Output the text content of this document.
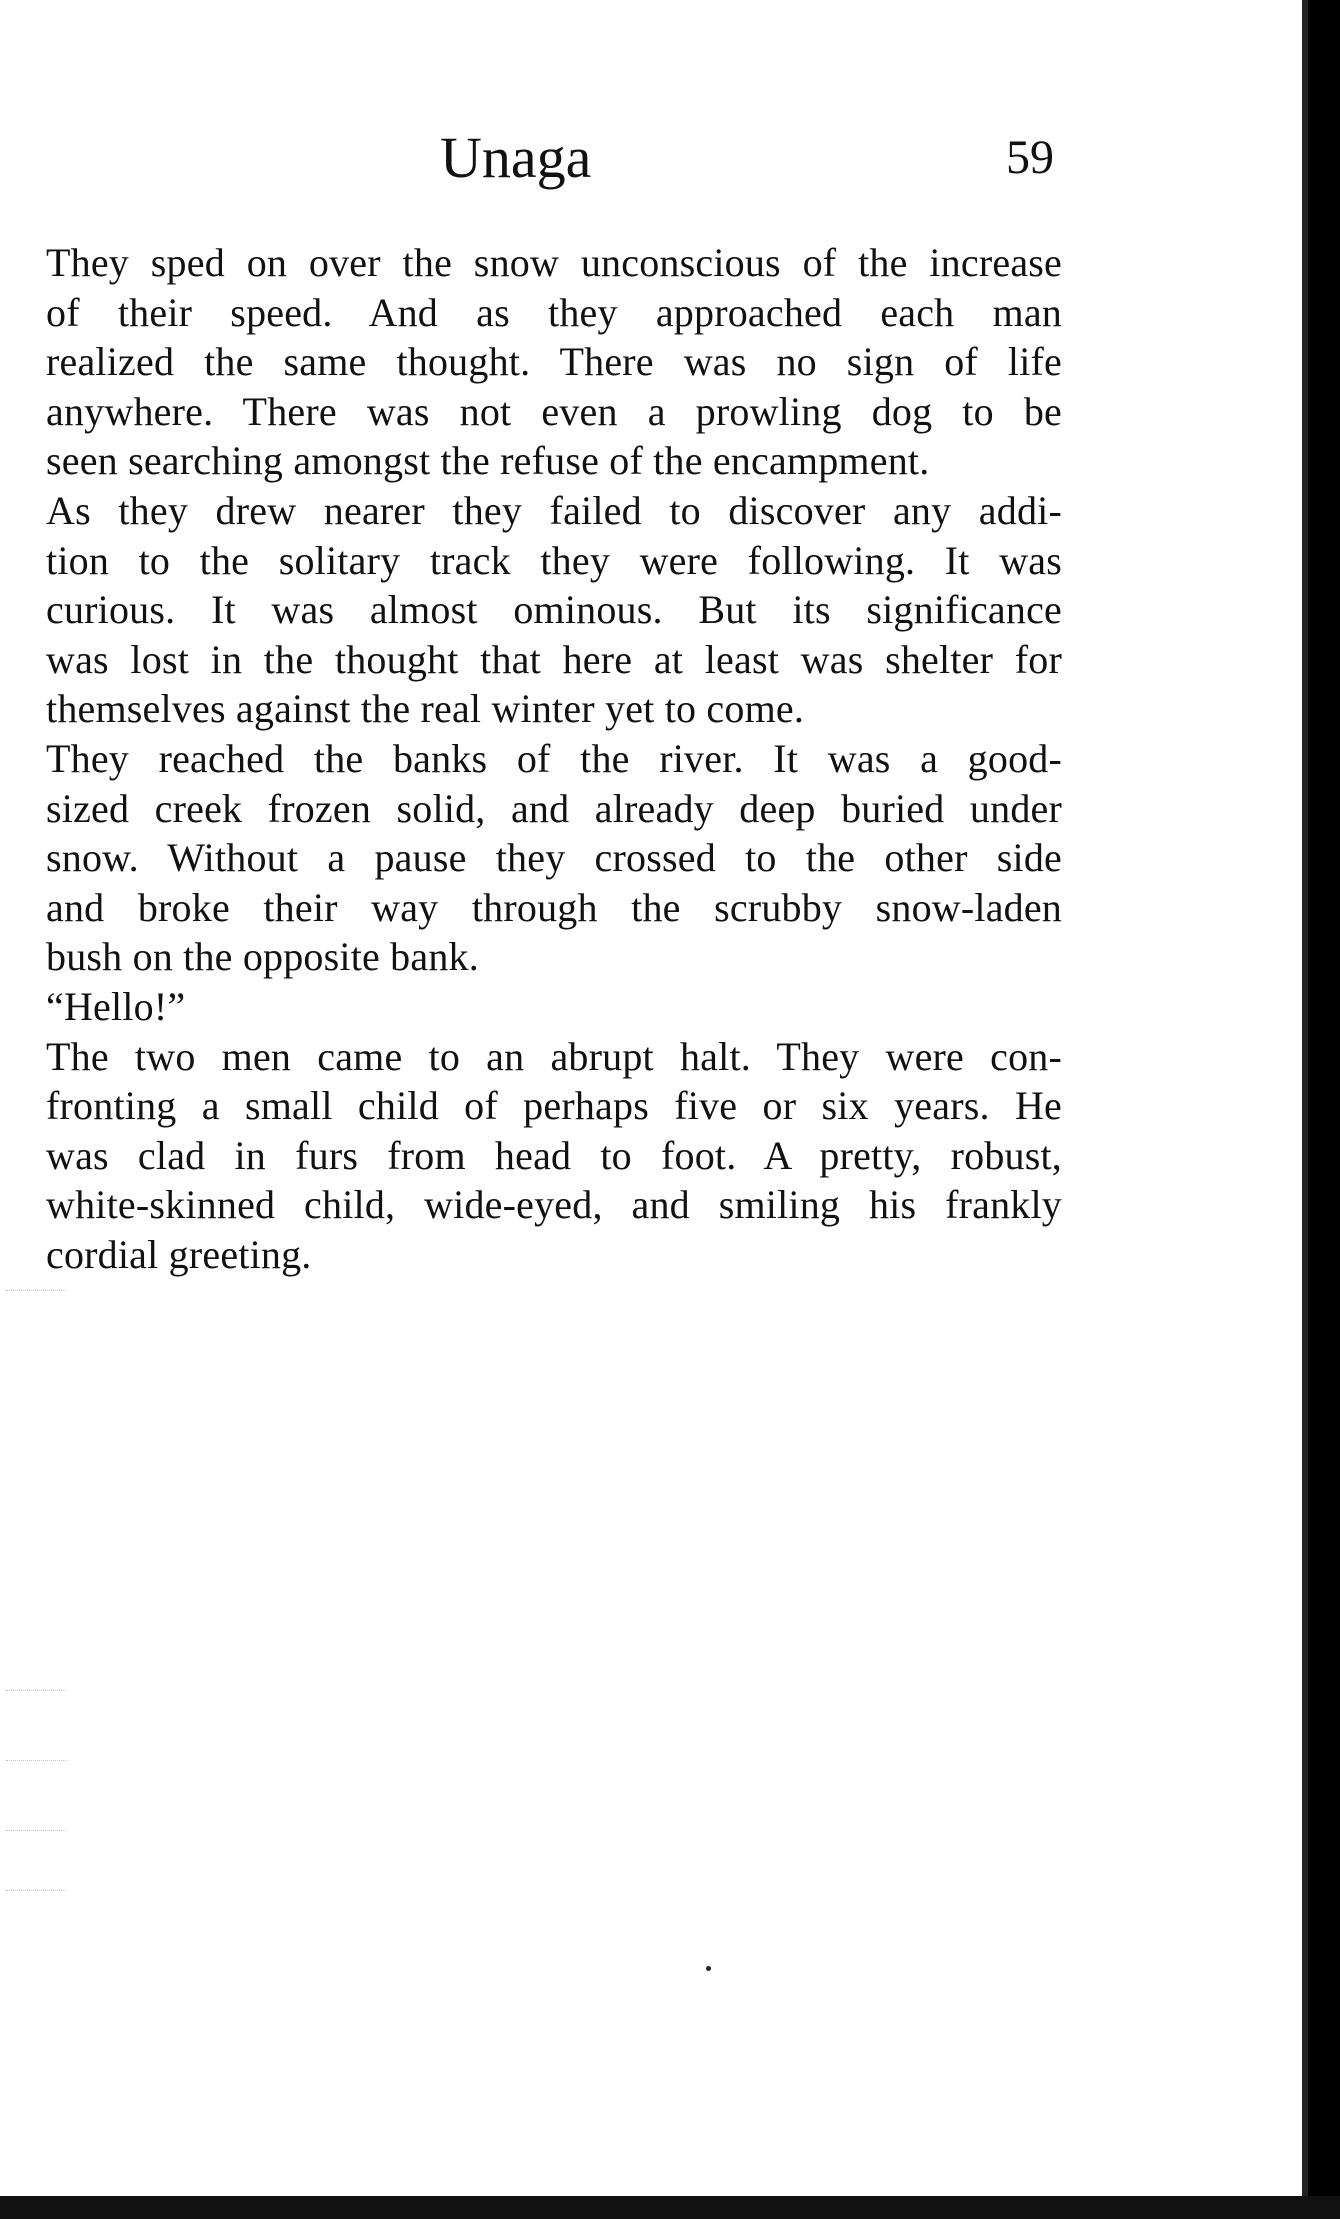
Unaga	59

They sped on over the snow unconscious of the increase
of their speed. And as they approached each man
realized the same thought. There was no sign of life
anywhere. There was not even a prowling dog to be
seen searching amongst the refuse of the encampment.

As they drew nearer they failed to discover any addi-
tion to the solitary track they were following. It was
curious. It was almost ominous. But its significance
was lost in the thought that here at least was shelter for
themselves against the real winter yet to come.

They reached the banks of the river. It was a good-
sized creek frozen solid, and already deep buried under
snow. Without a pause they crossed to the other side
and broke their way through the scrubby snow-laden
bush on the opposite bank.

“Hello!”

The two men came to an abrupt halt. They were con-
fronting a small child of perhaps five or six years. He
was clad in furs from head to foot. A pretty, robust,
white-skinned child, wide-eyed, and smiling his frankly
cordial greeting.
